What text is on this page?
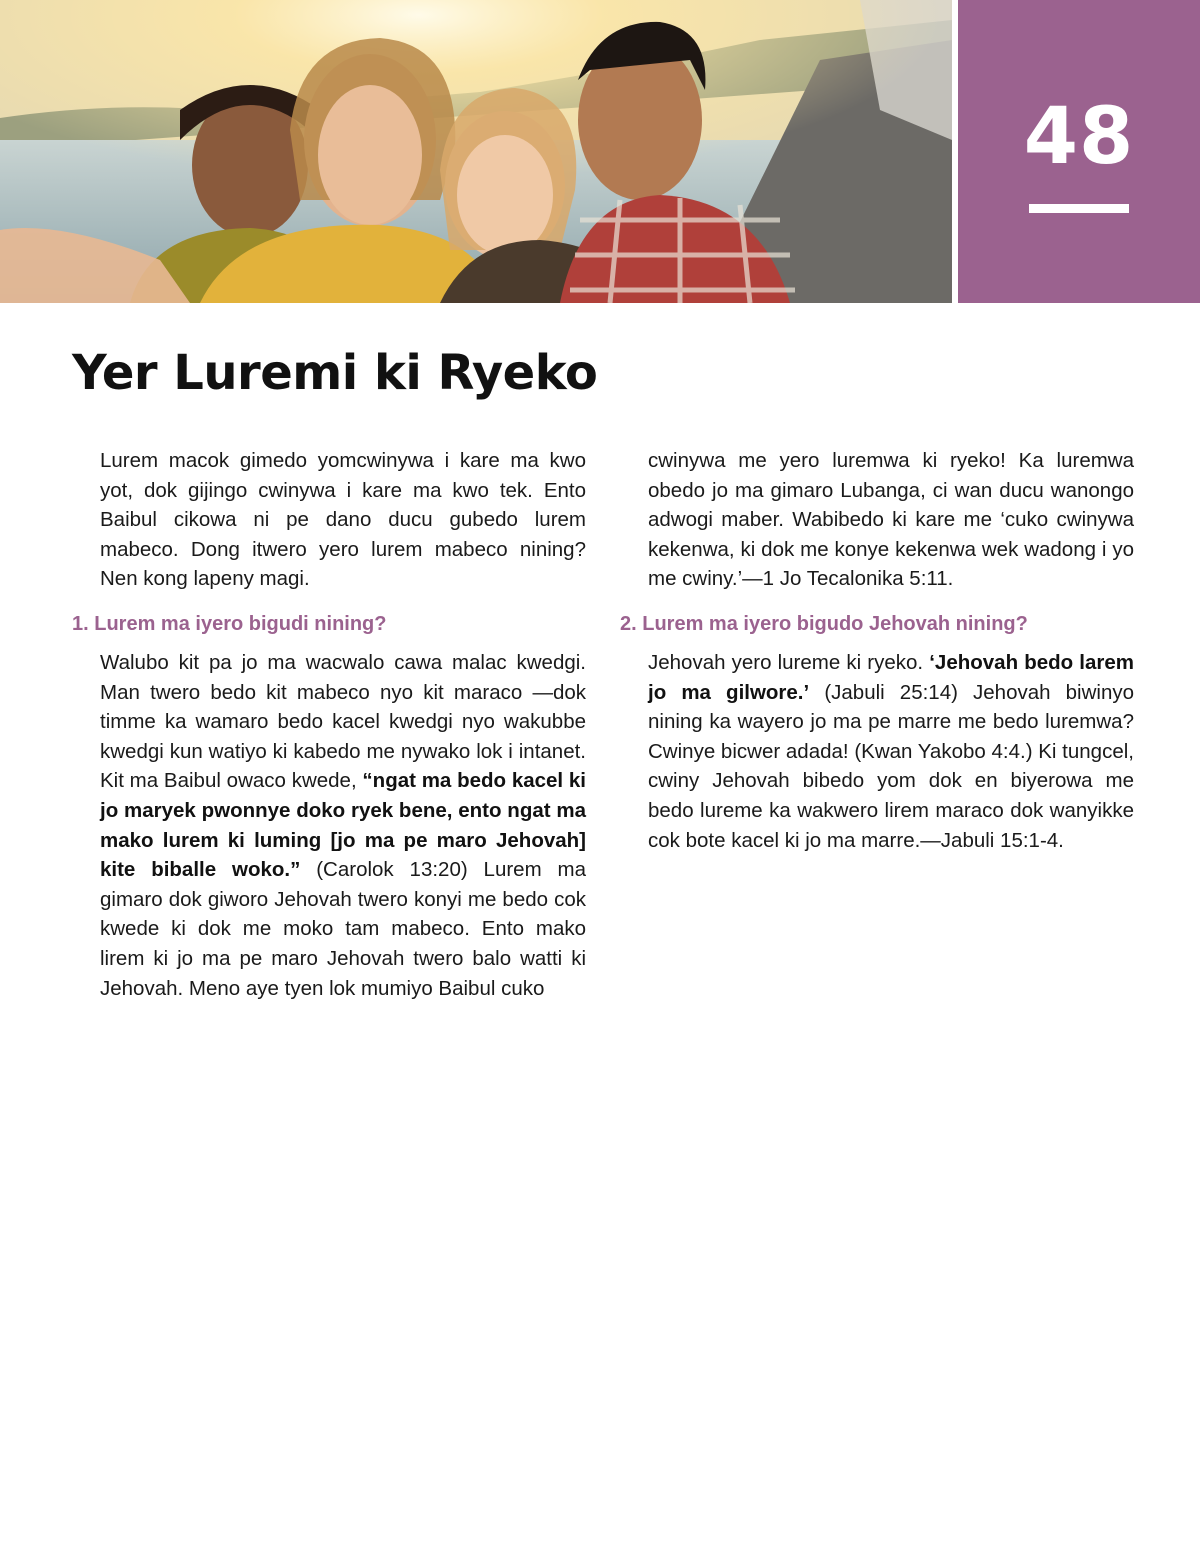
48
Yer Luremi ki Ryeko

Lurem macok gimedo yomcwinywa i kare ma kwo yot, dok gijingo cwinywa i kare ma kwo tek. Ento Baibul cikowa ni pe dano ducu gubedo lurem mabeco. Dong itwero yero lurem mabeco nining? Nen kong lapeny magi.

1. Lurem ma iyero bigudi nining?

Walubo kit pa jo ma wacwalo cawa malac kwedgi. Man twero bedo kit mabeco nyo kit maraco —dok timme ka wamaro bedo kacel kwedgi nyo wakubbe kwedgi kun watiyo ki kabedo me nywako lok i intanet. Kit ma Baibul owaco kwede, “ngat ma bedo kacel ki jo maryek pwonnye doko ryek bene, ento ngat ma mako lurem ki luming [jo ma pe maro Jehovah] kite biballe woko.” (Carolok 13:20) Lurem ma gimaro dok giworo Jehovah twero konyi me bedo cok kwede ki dok me moko tam mabeco. Ento mako lirem ki jo ma pe maro Jehovah twero balo watti ki Jehovah. Meno aye tyen lok mumiyo Baibul cuko

cwinywa me yero luremwa ki ryeko! Ka luremwa obedo jo ma gimaro Lubanga, ci wan ducu wanongo adwogi maber. Wabibedo ki kare me ‘cuko cwinywa kekenwa, ki dok me konye kekenwa wek wadong i yo me cwiny.’—1 Jo Tecalonika 5:11.

2. Lurem ma iyero bigudo Jehovah nining?

Jehovah yero lureme ki ryeko. ‘Jehovah bedo larem jo ma gilwore.’ (Jabuli 25:14) Jehovah biwinyo nining ka wayero jo ma pe marre me bedo luremwa? Cwinye bicwer adada! (Kwan Yakobo 4:4.) Ki tungcel, cwiny Jehovah bibedo yom dok en biyerowa me bedo lureme ka wakwero lirem maraco dok wanyikke cok bote kacel ki jo ma marre.—Jabuli 15:1-4.
